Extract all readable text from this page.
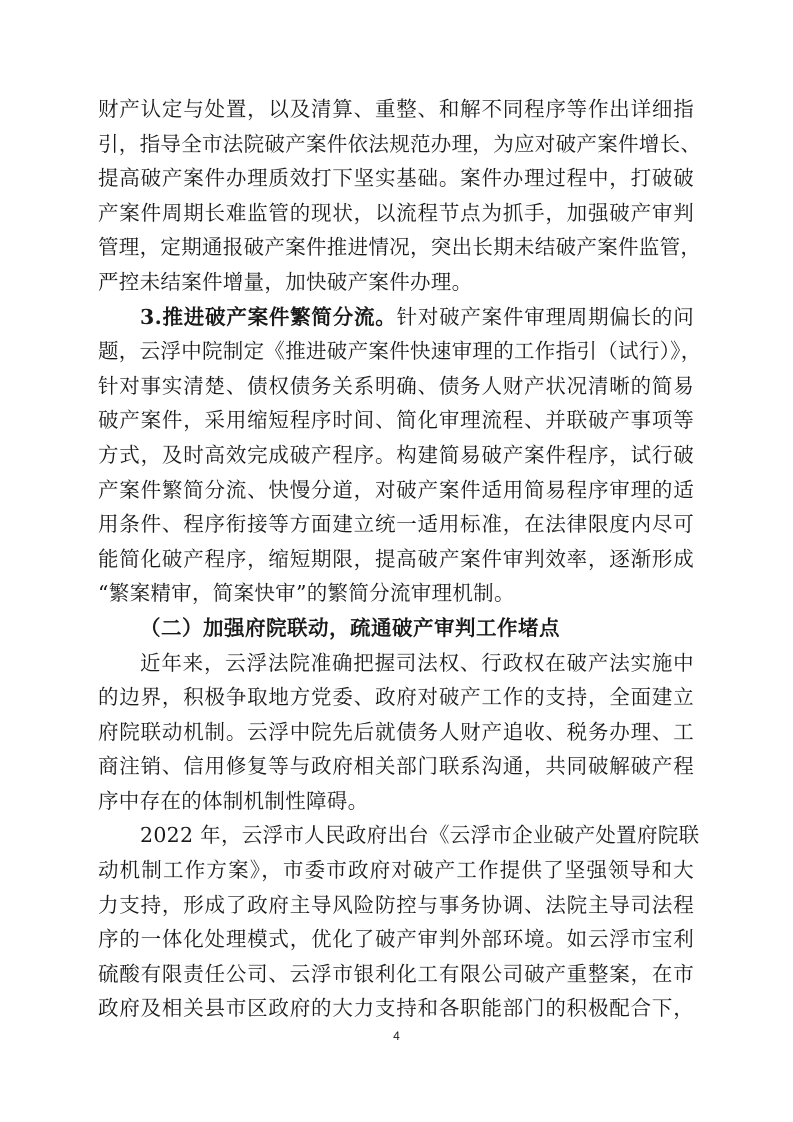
财产认定与处置，以及清算、重整、和解不同程序等作出详细指
引，指导全市法院破产案件依法规范办理，为应对破产案件增长、
提高破产案件办理质效打下坚实基础。案件办理过程中，打破破
产案件周期长难监管的现状，以流程节点为抓手，加强破产审判
管理，定期通报破产案件推进情况，突出长期未结破产案件监管，
严控未结案件增量，加快破产案件办理。
3.推进破产案件繁简分流。针对破产案件审理周期偏长的问
题，云浮中院制定《推进破产案件快速审理的工作指引（试行）》，
针对事实清楚、债权债务关系明确、债务人财产状况清晰的简易
破产案件，采用缩短程序时间、简化审理流程、并联破产事项等
方式，及时高效完成破产程序。构建简易破产案件程序，试行破
产案件繁简分流、快慢分道，对破产案件适用简易程序审理的适
用条件、程序衔接等方面建立统一适用标准，在法律限度内尽可
能简化破产程序，缩短期限，提高破产案件审判效率，逐渐形成
“繁案精审，简案快审”的繁简分流审理机制。
（二）加强府院联动，疏通破产审判工作堵点
近年来，云浮法院准确把握司法权、行政权在破产法实施中
的边界，积极争取地方党委、政府对破产工作的支持，全面建立
府院联动机制。云浮中院先后就债务人财产追收、税务办理、工
商注销、信用修复等与政府相关部门联系沟通，共同破解破产程
序中存在的体制机制性障碍。
2022 年，云浮市人民政府出台《云浮市企业破产处置府院联
动机制工作方案》，市委市政府对破产工作提供了坚强领导和大
力支持，形成了政府主导风险防控与事务协调、法院主导司法程
序的一体化处理模式，优化了破产审判外部环境。如云浮市宝利
硫酸有限责任公司、云浮市银利化工有限公司破产重整案，在市
政府及相关县市区政府的大力支持和各职能部门的积极配合下，
4
